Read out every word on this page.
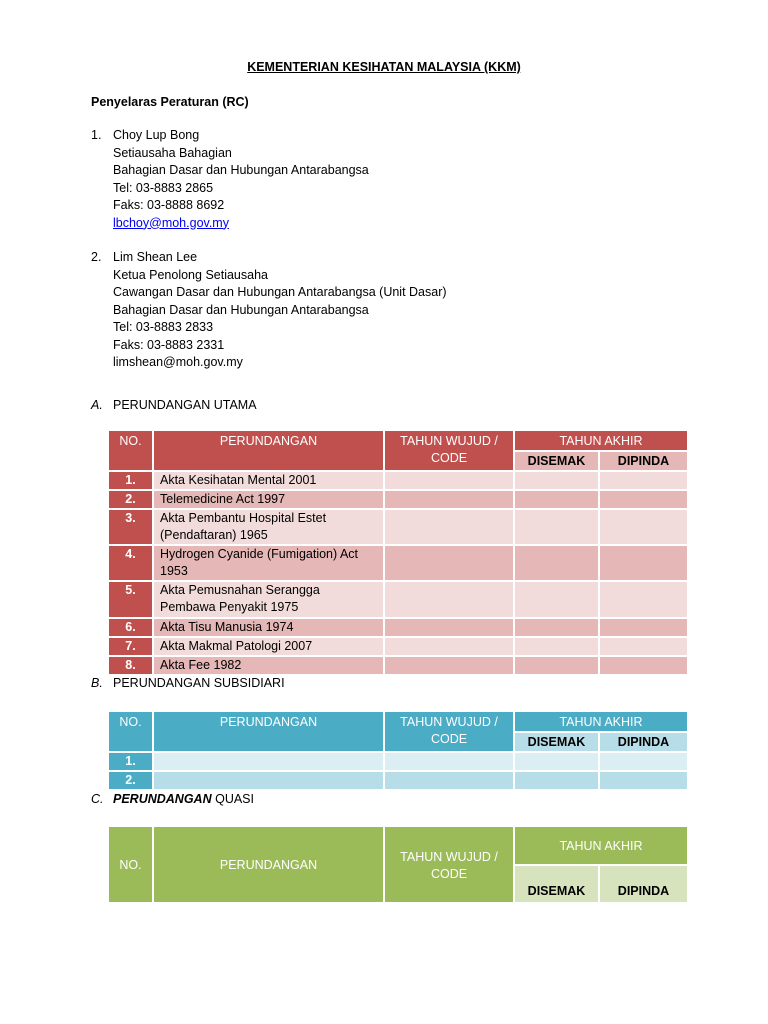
KEMENTERIAN KESIHATAN MALAYSIA (KKM)
Penyelaras Peraturan (RC)
1. Choy Lup Bong
Setiausaha Bahagian
Bahagian Dasar dan Hubungan Antarabangsa
Tel: 03-8883 2865
Faks: 03-8888 8692
lbchoy@moh.gov.my
2. Lim Shean Lee
Ketua Penolong Setiausaha
Cawangan Dasar dan Hubungan Antarabangsa (Unit Dasar)
Bahagian Dasar dan Hubungan Antarabangsa
Tel: 03-8883 2833
Faks: 03-8883 2331
limshean@moh.gov.my
A. PERUNDANGAN UTAMA
NO.	PERUNDANGAN	TAHUN WUJUD / CODE	TAHUN AKHIR	
			DISEMAK	DIPINDA
1.	Akta Kesihatan Mental 2001			
2.	Telemedicine Act 1997			
3.	Akta Pembantu Hospital Estet (Pendaftaran) 1965			
4.	Hydrogen Cyanide (Fumigation) Act 1953			
5.	Akta Pemusnahan Serangga Pembawa Penyakit 1975			
6.	Akta Tisu Manusia 1974			
7.	Akta Makmal Patologi 2007			
8.	Akta Fee 1982			
B. PERUNDANGAN SUBSIDIARI
NO.	PERUNDANGAN	TAHUN WUJUD / CODE	TAHUN AKHIR	
			DISEMAK	DIPINDA
1.				
2.				
C. PERUNDANGAN QUASI
NO.	PERUNDANGAN	TAHUN WUJUD / CODE	TAHUN AKHIR	
			DISEMAK	DIPINDA
